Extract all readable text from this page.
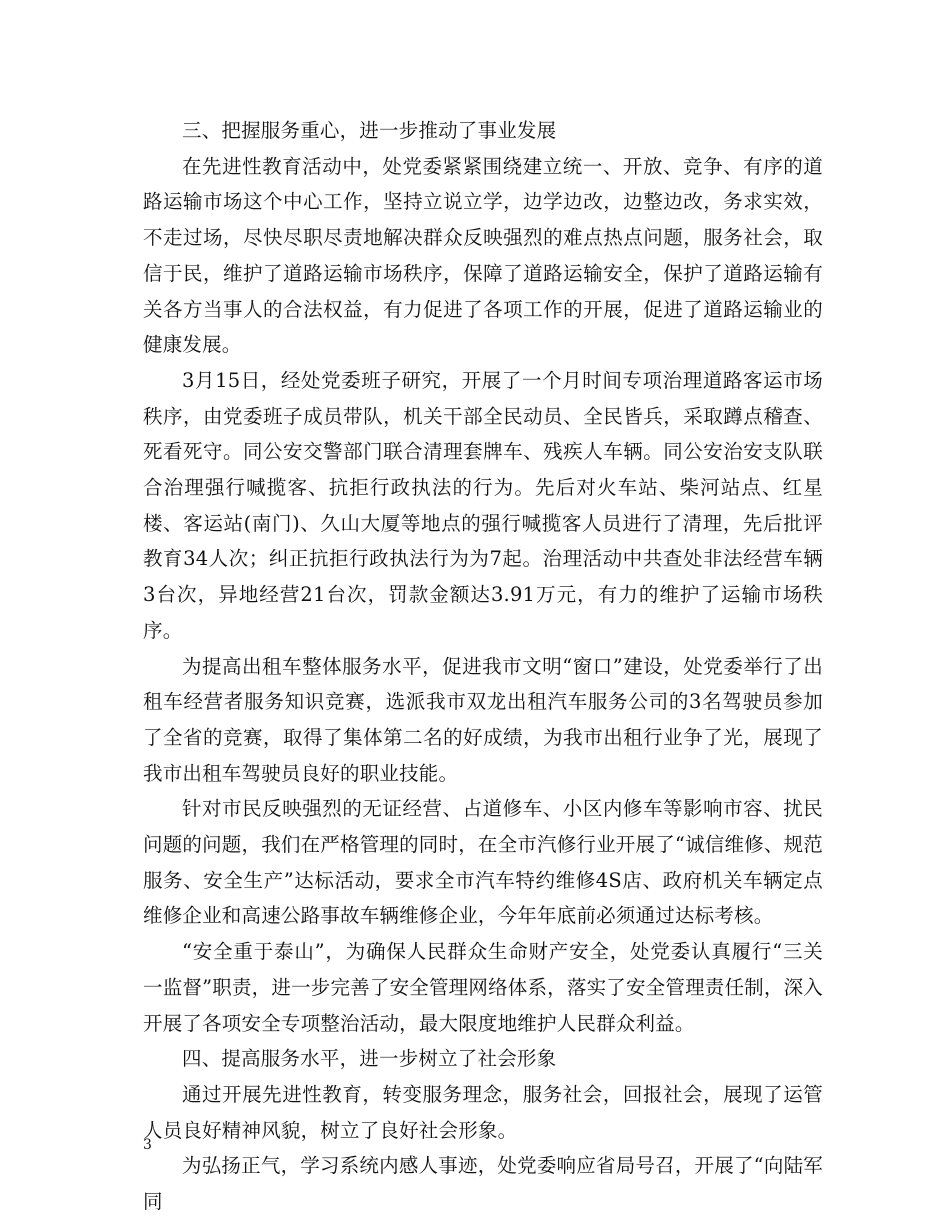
三、把握服务重心，进一步推动了事业发展

在先进性教育活动中，处党委紧紧围绕建立统一、开放、竞争、有序的道路运输市场这个中心工作，坚持立说立学，边学边改，边整边改，务求实效，不走过场，尽快尽职尽责地解决群众反映强烈的难点热点问题，服务社会，取信于民，维护了道路运输市场秩序，保障了道路运输安全，保护了道路运输有关各方当事人的合法权益，有力促进了各项工作的开展，促进了道路运输业的健康发展。

3月15日，经处党委班子研究，开展了一个月时间专项治理道路客运市场秩序，由党委班子成员带队，机关干部全民动员、全民皆兵，采取蹲点稽查、死看死守。同公安交警部门联合清理套牌车、残疾人车辆。同公安治安支队联合治理强行喊揽客、抗拒行政执法的行为。先后对火车站、柴河站点、红星楼、客运站(南门)、久山大厦等地点的强行喊揽客人员进行了清理，先后批评教育34人次；纠正抗拒行政执法行为为7起。治理活动中共查处非法经营车辆3台次，异地经营21台次，罚款金额达3.91万元，有力的维护了运输市场秩序。

为提高出租车整体服务水平，促进我市文明“窗口”建设，处党委举行了出租车经营者服务知识竞赛，选派我市双龙出租汽车服务公司的3名驾驶员参加了全省的竞赛，取得了集体第二名的好成绩，为我市出租行业争了光，展现了我市出租车驾驶员良好的职业技能。

针对市民反映强烈的无证经营、占道修车、小区内修车等影响市容、扰民问题的问题，我们在严格管理的同时，在全市汽修行业开展了“诚信维修、规范服务、安全生产”达标活动，要求全市汽车特约维修4S店、政府机关车辆定点维修企业和高速公路事故车辆维修企业，今年年底前必须通过达标考核。

“安全重于泰山”，为确保人民群众生命财产安全，处党委认真履行“三关一监督”职责，进一步完善了安全管理网络体系，落实了安全管理责任制，深入开展了各项安全专项整治活动，最大限度地维护人民群众利益。

四、提高服务水平，进一步树立了社会形象

通过开展先进性教育，转变服务理念，服务社会，回报社会，展现了运管人员良好精神风貌，树立了良好社会形象。

为弘扬正气，学习系统内感人事迹，处党委响应省局号召，开展了“向陆军同

3
